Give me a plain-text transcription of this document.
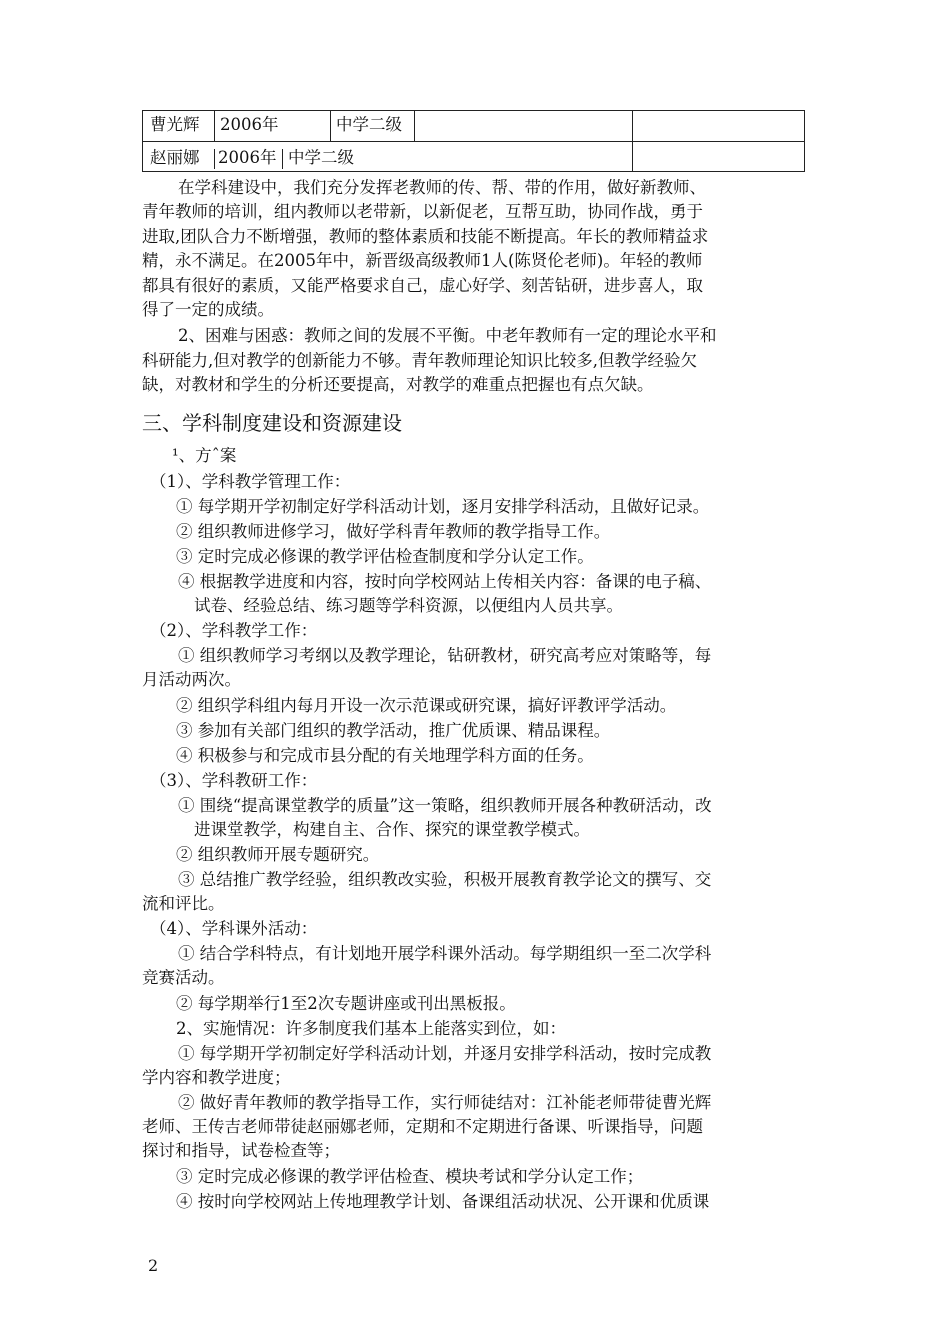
曹光辉 2006年	中学二级
赵丽娜 2006年 中学二级
在学科建设中，我们充分发挥老教师的传、帮、带的作用，做好新教师、
青年教师的培训，组内教师以老带新，以新促老，互帮互助，协同作战，勇于
进取,团队合力不断增强，教师的整体素质和技能不断提高。年长的教师精益求
精，永不满足。在2005年中，新晋级高级教师1人(陈贤伦老师)。年轻的教师
都具有很好的素质，又能严格要求自己，虚心好学、刻苦钻研，进步喜人，取
得了一定的成绩。
2、困难与困惑：教师之间的发展不平衡。中老年教师有一定的理论水平和
科研能力,但对教学的创新能力不够。青年教师理论知识比较多,但教学经验欠
缺，对教材和学生的分析还要提高，对教学的难重点把握也有点欠缺。
三、学科制度建设和资源建设
¹、方ˆ案
（1）、学科教学管理工作：
① 每学期开学初制定好学科活动计划，逐月安排学科活动，且做好记录。
② 组织教师进修学习，做好学科青年教师的教学指导工作。
③ 定时完成必修课的教学评估检查制度和学分认定工作。
④ 根据教学进度和内容，按时向学校网站上传相关内容：备课的电子稿、
试卷、经验总结、练习题等学科资源，以便组内人员共享。
（2）、学科教学工作：
① 组织教师学习考纲以及教学理论，钻研教材，研究高考应对策略等，每
月活动两次。
② 组织学科组内每月开设一次示范课或研究课，搞好评教评学活动。
③ 参加有关部门组织的教学活动，推广优质课、精品课程。
④ 积极参与和完成市县分配的有关地理学科方面的任务。
（3）、学科教研工作：
① 围绕“提高课堂教学的质量”这一策略，组织教师开展各种教研活动，改
进课堂教学，构建自主、合作、探究的课堂教学模式。
② 组织教师开展专题研究。
③ 总结推广教学经验，组织教改实验，积极开展教育教学论文的撰写、交
流和评比。
（4）、学科课外活动：
① 结合学科特点，有计划地开展学科课外活动。每学期组织一至二次学科
竞赛活动。
② 每学期举行1至2次专题讲座或刊出黑板报。
2、实施情况：许多制度我们基本上能落实到位，如：
① 每学期开学初制定好学科活动计划，并逐月安排学科活动，按时完成教
学内容和教学进度；
② 做好青年教师的教学指导工作，实行师徒结对：江补能老师带徒曹光辉
老师、王传吉老师带徒赵丽娜老师，定期和不定期进行备课、听课指导，问题
探讨和指导，试卷检查等；
③ 定时完成必修课的教学评估检查、模块考试和学分认定工作；
④ 按时向学校网站上传地理教学计划、备课组活动状况、公开课和优质课
2
